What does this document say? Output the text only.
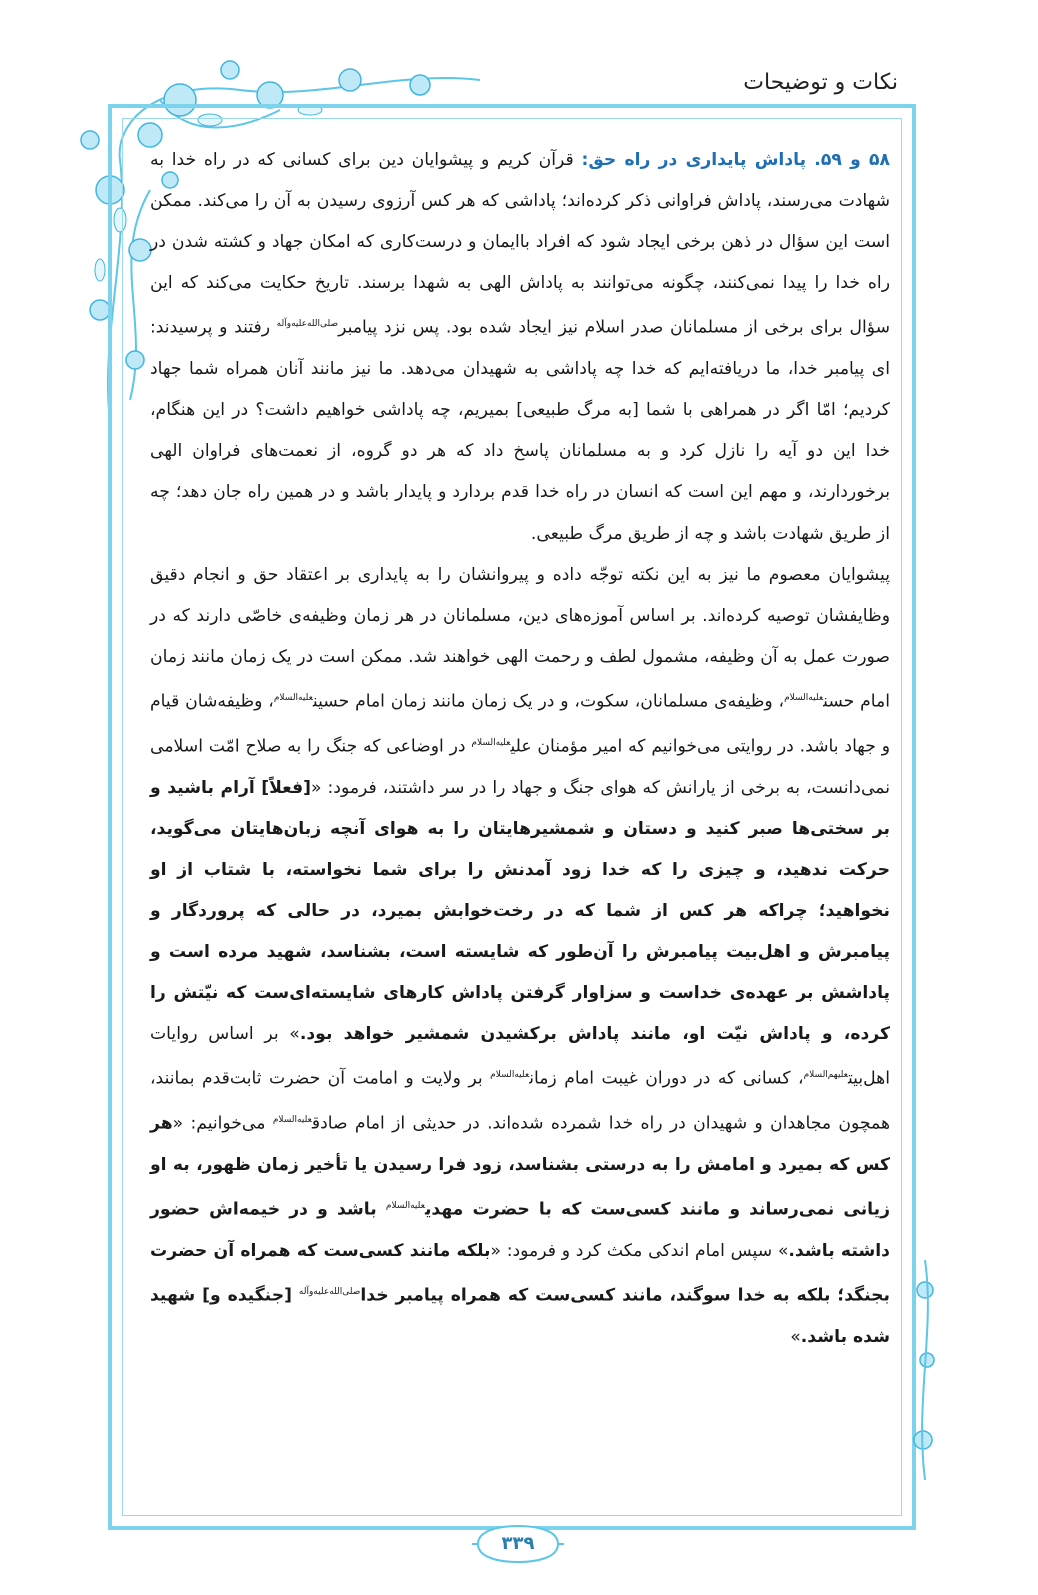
نکات و توضیحات

۵۸ و ۵۹. پاداش پایداری در راه حق: قرآن کریم و پیشوایان دین برای کسانی که در راه خدا به شهادت می‌رسند، پاداش فراوانی ذکر کرده‌اند؛ پاداشی که هر کس آرزوی رسیدن به آن را می‌کند. ممکن است این سؤال در ذهن برخی ایجاد شود که افراد باایمان و درست‌کاری که امکان جهاد و کشته شدن در راه خدا را پیدا نمی‌کنند، چگونه می‌توانند به پاداش الهی به شهدا برسند. تاریخ حکایت می‌کند که این سؤال برای برخی از مسلمانان صدر اسلام نیز ایجاد شده بود. پس نزد پیامبر$^{صلی‌الله‌علیه‌وآله}$ رفتند و پرسیدند: ای پیامبر خدا، ما دریافته‌ایم که خدا چه پاداشی به شهیدان می‌دهد. ما نیز مانند آنان همراه شما جهاد کردیم؛ امّا اگر در همراهی با شما [به مرگ طبیعی] بمیریم، چه پاداشی خواهیم داشت؟ در این هنگام، خدا این دو آیه را نازل کرد و به مسلمانان پاسخ داد که هر دو گروه، از نعمت‌های فراوان الهی برخوردارند، و مهم این است که انسان در راه خدا قدم بردارد و پایدار باشد و در همین راه جان دهد؛ چه از طریق شهادت باشد و چه از طریق مرگ طبیعی.

پیشوایان معصوم ما نیز به این نکته توجّه داده و پیروانشان را به پایداری بر اعتقاد حق و انجام دقیق وظایفشان توصیه کرده‌اند. بر اساس آموزه‌های دین، مسلمانان در هر زمان وظیفه‌ی خاصّی دارند که در صورت عمل به آن وظیفه، مشمول لطف و رحمت الهی خواهند شد. ممکن است در یک زمان مانند زمان امام حسن$^{علیه‌السلام}$، وظیفه‌ی مسلمانان، سکوت، و در یک زمان مانند زمان امام حسین$^{علیه‌السلام}$، وظیفه‌شان قیام و جهاد باشد. در روایتی می‌خوانیم که امیر مؤمنان علی$^{علیه‌السلام}$ در اوضاعی که جنگ را به صلاح امّت اسلامی نمی‌دانست، به برخی از یارانش که هوای جنگ و جهاد را در سر داشتند، فرمود: «[فعلاً] آرام باشید و بر سختی‌ها صبر کنید و دستان و شمشیرهایتان را به هوای آنچه زبان‌هایتان می‌گوید، حرکت ندهید، و چیزی را که خدا زود آمدنش را برای شما نخواسته، با شتاب از او نخواهید؛ چراکه هر کس از شما که در رخت‌خوابش بمیرد، در حالی که پروردگار و پیامبرش و اهل‌بیت پیامبرش را آن‌طور که شایسته است، بشناسد، شهید مرده است و پاداشش بر عهده‌ی خداست و سزاوار گرفتن پاداش کارهای شایسته‌ای‌ست که نیّتش را کرده، و پاداش نیّت او، مانند پاداش برکشیدن شمشیر خواهد بود.» بر اساس روایات اهل‌بیت$^{علیهم‌السلام}$، کسانی که در دوران غیبت امام زمان$^{علیه‌السلام}$ بر ولایت و امامت آن حضرت ثابت‌قدم بمانند، همچون مجاهدان و شهیدان در راه خدا شمرده شده‌اند. در حدیثی از امام صادق$^{علیه‌السلام}$ می‌خوانیم: «هر کس که بمیرد و امامش را به درستی بشناسد، زود فرا رسیدن یا تأخیر زمان ظهور، به او زیانی نمی‌رساند و مانند کسی‌ست که با حضرت مهدی$^{علیه‌السلام}$ باشد و در خیمه‌اش حضور داشته باشد.» سپس امام اندکی مکث کرد و فرمود: «بلکه مانند کسی‌ست که همراه آن حضرت بجنگد؛ بلکه به خدا سوگند، مانند کسی‌ست که همراه پیامبر خدا$^{صلی‌الله‌علیه‌وآله}$ [جنگیده و] شهید شده باشد.»

۳۳۹
